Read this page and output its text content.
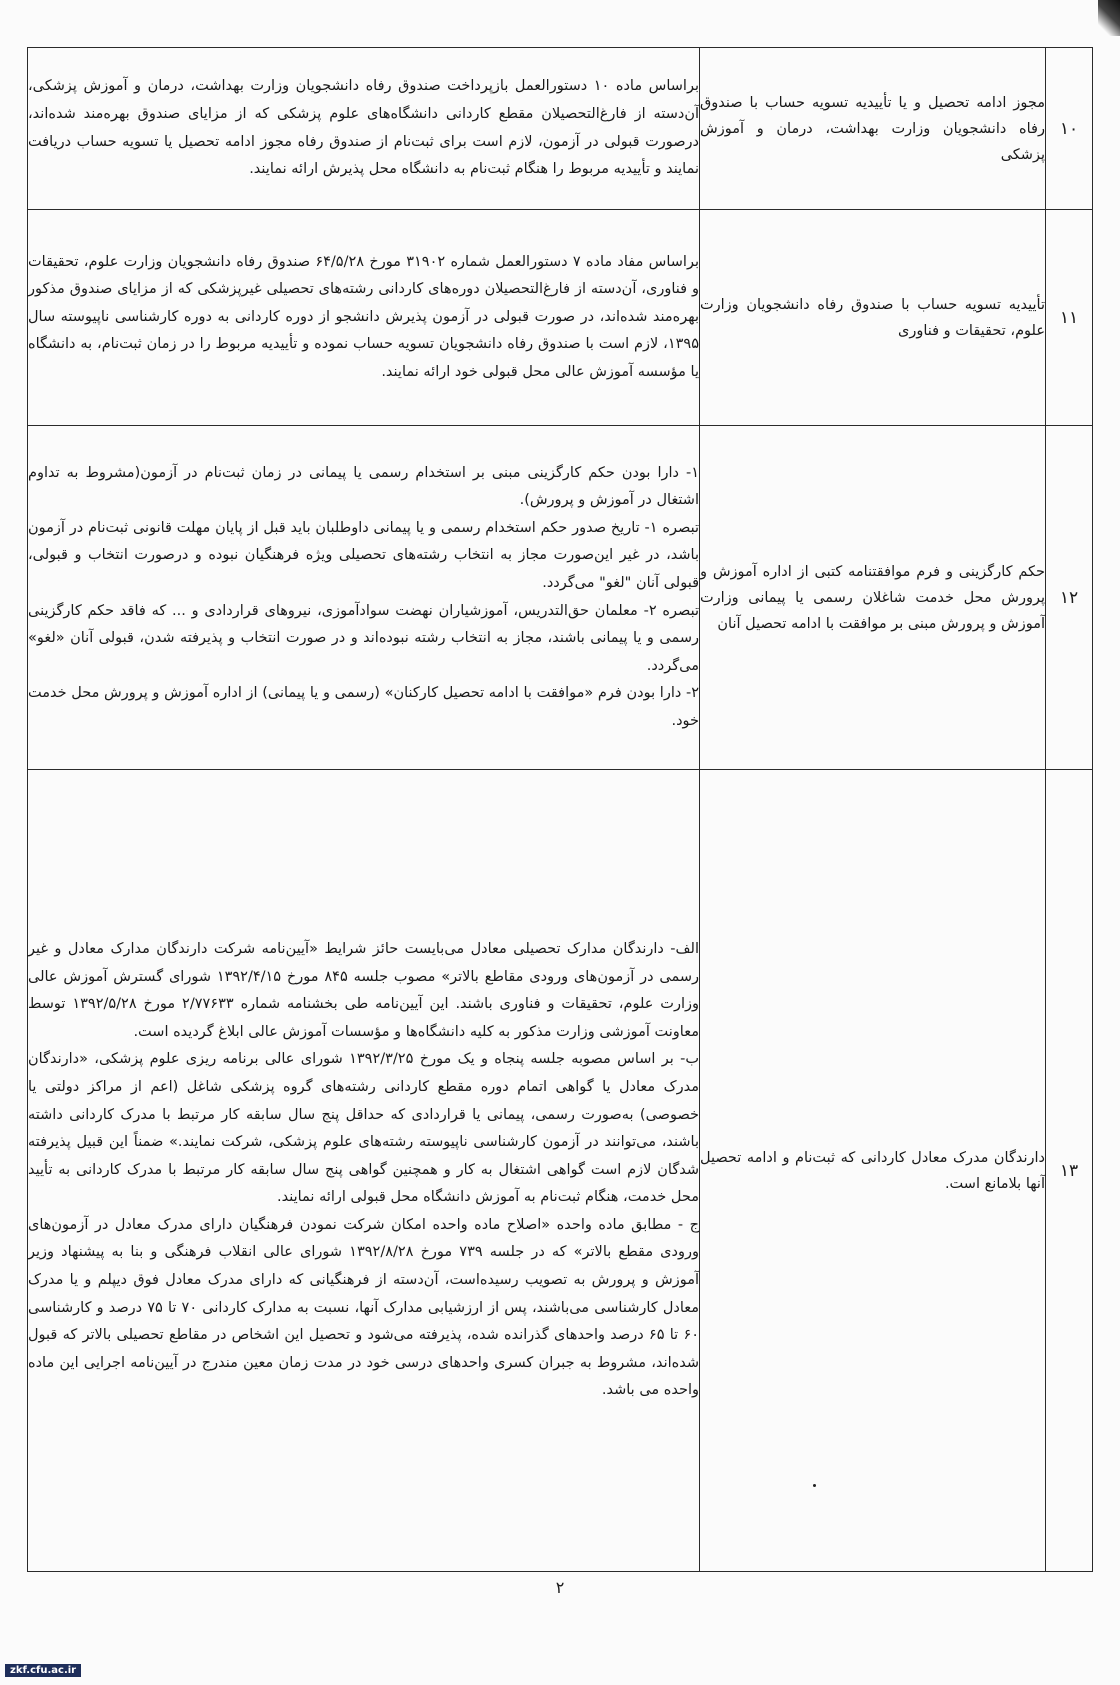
۱۰	مجوز ادامه تحصیل و یا تأییدیه تسویه حساب با صندوق رفاه دانشجویان وزارت بهداشت، درمان و آموزش پزشکی	براساس ماده ۱۰ دستورالعمل بازپرداخت صندوق رفاه دانشجویان وزارت بهداشت، درمان و آموزش پزشکی، آن‌دسته از فارغ‌التحصیلان مقطع کاردانی دانشگاه‌های علوم پزشکی که از مزایای صندوق بهره‌مند شده‌اند، درصورت قبولی در آزمون، لازم است برای ثبت‌نام از صندوق رفاه مجوز ادامه تحصیل یا تسویه حساب دریافت نمایند و تأییدیه مربوط را هنگام ثبت‌نام به دانشگاه محل پذیرش ارائه نمایند.

۱۱	تأییدیه تسویه حساب با صندوق رفاه دانشجویان وزارت علوم، تحقیقات و فناوری	براساس مفاد ماده ۷ دستورالعمل شماره ۳۱۹۰۲ مورخ ۶۴/۵/۲۸ صندوق رفاه دانشجویان وزارت علوم، تحقیقات و فناوری، آن‌دسته از فارغ‌التحصیلان دوره‌های کاردانی رشته‌های تحصیلی غیرپزشکی که از مزایای صندوق مذکور بهره‌مند شده‌اند، در صورت قبولی در آزمون پذیرش دانشجو از دوره کاردانی به دوره کارشناسی ناپیوسته سال ۱۳۹۵، لازم است با صندوق رفاه دانشجویان تسویه حساب نموده و تأییدیه مربوط را در زمان ثبت‌نام، به دانشگاه یا مؤسسه آموزش عالی محل قبولی خود ارائه نمایند.

۱۲	حکم کارگزینی و فرم موافقتنامه کتبی از اداره آموزش و پرورش محل خدمت شاغلان رسمی یا پیمانی وزارت آموزش و پرورش مبنی بر موافقت با ادامه تحصیل آنان	۱- دارا بودن حکم کارگزینی مبنی بر استخدام رسمی یا پیمانی در زمان ثبت‌نام در آزمون(مشروط به تداوم اشتغال در آموزش و پرورش).

تبصره ۱- تاریخ صدور حکم استخدام رسمی و یا پیمانی داوطلبان باید قبل از پایان مهلت قانونی ثبت‌نام در آزمون باشد، در غیر این‌صورت مجاز به انتخاب رشته‌های تحصیلی ویژه فرهنگیان نبوده و درصورت انتخاب و قبولی، قبولی آنان "لغو" می‌گردد.

تبصره ۲- معلمان حق‌التدریس، آموزشیاران نهضت سوادآموزی، نیروهای قراردادی و ... که فاقد حکم کارگزینی رسمی و یا پیمانی باشند، مجاز به انتخاب رشته نبوده‌اند و در صورت انتخاب و پذیرفته شدن، قبولی آنان «لغو» می‌گردد.

۲- دارا بودن فرم «موافقت با ادامه تحصیل کارکنان» (رسمی و یا پیمانی) از اداره آموزش و پرورش محل خدمت خود.

۱۳	دارندگان مدرک معادل کاردانی که ثبت‌نام و ادامه تحصیل آنها بلامانع است.	الف- دارندگان مدارک تحصیلی معادل می‌بایست حائز شرایط «آیین‌نامه شرکت دارندگان مدارک معادل و غیر رسمی در آزمون‌های ورودی مقاطع بالاتر» مصوب جلسه ۸۴۵ مورخ ۱۳۹۲/۴/۱۵ شورای گسترش آموزش عالی وزارت علوم، تحقیقات و فناوری باشند. این آیین‌نامه طی بخشنامه شماره ۲/۷۷۶۳۳ مورخ ۱۳۹۲/۵/۲۸ توسط معاونت آموزشی وزارت مذکور به کلیه دانشگاه‌ها و مؤسسات آموزش عالی ابلاغ گردیده است.

ب- بر اساس مصوبه جلسه پنجاه و یک مورخ ۱۳۹۲/۳/۲۵ شورای عالی برنامه ریزی علوم پزشکی، «دارندگان مدرک معادل یا گواهی اتمام دوره مقطع کاردانی رشته‌های گروه پزشکی شاغل (اعم از مراکز دولتی یا خصوصی) به‌صورت رسمی، پیمانی یا قراردادی که حداقل پنج سال سابقه کار مرتبط با مدرک کاردانی داشته باشند، می‌توانند در آزمون کارشناسی ناپیوسته رشته‌های علوم پزشکی، شرکت نمایند.» ضمناً این قبیل پذیرفته شدگان لازم است گواهی اشتغال به کار و همچنین گواهی پنج سال سابقه کار مرتبط با مدرک کاردانی به تأیید محل خدمت، هنگام ثبت‌نام به آموزش دانشگاه محل قبولی ارائه نمایند.

ج - مطابق ماده واحده «اصلاح ماده واحده امکان شرکت نمودن فرهنگیان دارای مدرک معادل در آزمون‌های ورودی مقطع بالاتر» که در جلسه ۷۳۹ مورخ ۱۳۹۲/۸/۲۸ شورای عالی انقلاب فرهنگی و بنا به پیشنهاد وزیر آموزش و پرورش به تصویب رسیده‌است، آن‌دسته از فرهنگیانی که دارای مدرک معادل فوق دیپلم و یا مدرک معادل کارشناسی می‌باشند، پس از ارزشیابی مدارک آنها، نسبت به مدارک کاردانی ۷۰ تا ۷۵ درصد و کارشناسی ۶۰ تا ۶۵ درصد واحدهای گذرانده شده، پذیرفته می‌شود و تحصیل این اشخاص در مقاطع تحصیلی بالاتر که قبول شده‌اند، مشروط به جبران کسری واحدهای درسی خود در مدت زمان معین مندرج در آیین‌نامه اجرایی این ماده واحده می باشد.

۲
zkf.cfu.ac.ir
